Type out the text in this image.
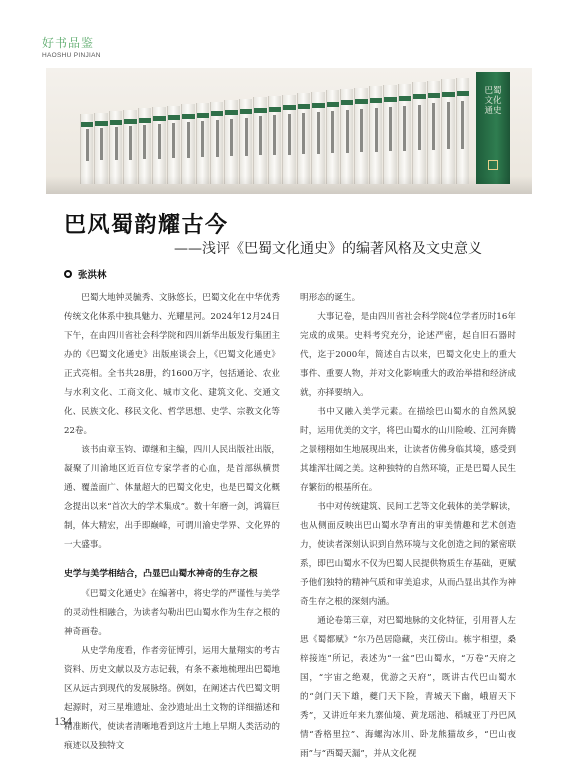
好书品鉴
HAOSHU PINJIAN
巴蜀文化通史
巴风蜀韵耀古今
——浅评《巴蜀文化通史》的编著风格及文史意义
张洪林

巴蜀大地钟灵毓秀、文脉悠长，巴蜀文化在中华优秀传统文化体系中独具魅力、光耀星河。2024年12月24日下午，在由四川省社会科学院和四川新华出版发行集团主办的《巴蜀文化通史》出版座谈会上，《巴蜀文化通史》正式亮相。全书共28册，约1600万字，包括通论、农业与水利文化、工商文化、城市文化、建筑文化、交通文化、民族文化、移民文化、哲学思想、史学、宗教文化等22卷。

该书由章玉钧、谭继和主编，四川人民出版社出版，凝聚了川渝地区近百位专家学者的心血，是首部纵横贯通、覆盖面广、体量超大的巴蜀文化史，也是巴蜀文化概念提出以来“首次大的学术集成”。数十年磨一剑，鸿篇巨制，体大精宏，出手即巅峰，可谓川渝史学界、文化界的一大盛事。

史学与美学相结合，凸显巴山蜀水神奇的生存之根

《巴蜀文化通史》在编著中，将史学的严谨性与美学的灵动性相融合，为读者勾勒出巴山蜀水作为生存之根的神奇画卷。

从史学角度看，作者旁征博引，运用大量翔实的考古资料、历史文献以及方志记载，有条不紊地梳理出巴蜀地区从远古到现代的发展脉络。例如，在阐述古代巴蜀文明起源时，对三星堆遗址、金沙遗址出土文物的详细描述和精准断代，使读者清晰地看到这片土地上早期人类活动的痕迹以及独特文

明形态的诞生。

大事记卷，是由四川省社会科学院4位学者历时16年完成的成果。史料考究充分，论述严密，起自旧石器时代，迄于2000年，简述自古以来，巴蜀文化史上的重大事件、重要人物，并对文化影响重大的政治举措和经济成就，亦择要纳入。

书中又融入美学元素。在描绘巴山蜀水的自然风貌时，运用优美的文字，将巴山蜀水的山川险峻、江河奔腾之景栩栩如生地展现出来，让读者仿佛身临其境，感受到其雄浑壮阔之美。这种独特的自然环境，正是巴蜀人民生存繁衍的根基所在。

书中对传统建筑、民间工艺等文化载体的美学解读，也从侧面反映出巴山蜀水孕育出的审美情趣和艺术创造力，使读者深刻认识到自然环境与文化创造之间的紧密联系，即巴山蜀水不仅为巴蜀人民提供物质生存基础，更赋予他们独特的精神气质和审美追求，从而凸显出其作为神奇生存之根的深刻内涵。

通论卷第三章，对巴蜀地脉的文化特征，引用晋人左思《蜀都赋》“尔乃邑居隐藏，夹江傍山。栋宇相望，桑梓接连”所记，表述为“一盆”巴山蜀水，“万卷”天府之国，“宇宙之绝观，优游之天府”，既讲古代巴山蜀水的“剑门天下雄，夔门天下险，青城天下幽，峨眉天下秀”，又讲近年来九寨仙境、黄龙瑶池、稻城亚丁丹巴风情“香格里拉”、海螺沟冰川、卧龙熊猫故乡，“巴山夜雨”与“西蜀天漏”，并从文化视

134
